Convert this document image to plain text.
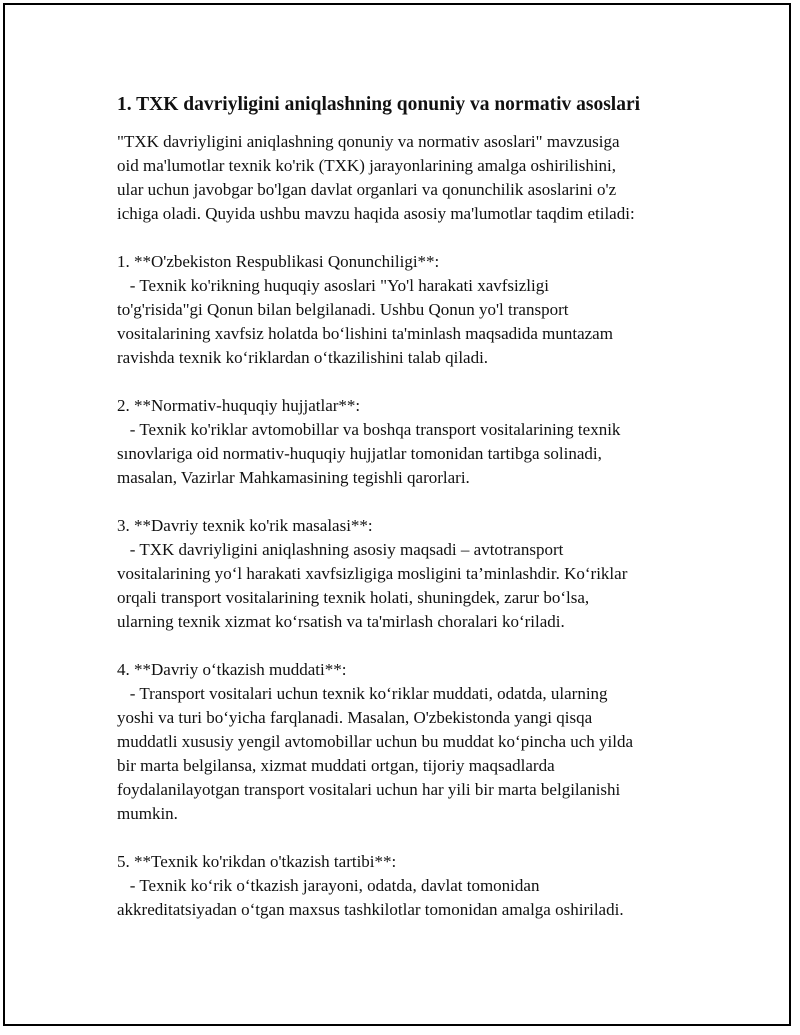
1. TXK davriyligini aniqlashning qonuniy va normativ asoslari
"TXK davriyligini aniqlashning qonuniy va normativ asoslari" mavzusiga
oid ma'lumotlar texnik ko'rik (TXK) jarayonlarining amalga oshirilishini,
ular uchun javobgar bo'lgan davlat organlari va qonunchilik asoslarini o'z
ichiga oladi. Quyida ushbu mavzu haqida asosiy ma'lumotlar taqdim etiladi:
1. **O'zbekiston Respublikasi Qonunchiligi**:
- Texnik ko'rikning huquqiy asoslari "Yo'l harakati xavfsizligi
to'g'risida"gi Qonun bilan belgilanadi. Ushbu Qonun yo'l transport
vositalarining xavfsiz holatda bo‘lishini ta'minlash maqsadida muntazam
ravishda texnik ko‘riklardan o‘tkazilishini talab qiladi.
2. **Normativ-huquqiy hujjatlar**:
- Texnik ko'riklar avtomobillar va boshqa transport vositalarining texnik
sınovlariga oid normativ-huquqiy hujjatlar tomonidan tartibga solinadi,
masalan, Vazirlar Mahkamasining tegishli qarorlari.
3. **Davriy texnik ko'rik masalasi**:
- TXK davriyligini aniqlashning asosiy maqsadi – avtotransport
vositalarining yo‘l harakati xavfsizligiga mosligini ta’minlashdir. Ko‘riklar
orqali transport vositalarining texnik holati, shuningdek, zarur bo‘lsa,
ularning texnik xizmat ko‘rsatish va ta'mirlash choralari ko‘riladi.
4. **Davriy o‘tkazish muddati**:
- Transport vositalari uchun texnik ko‘riklar muddati, odatda, ularning
yoshi va turi bo‘yicha farqlanadi. Masalan, O'zbekistonda yangi qisqa
muddatli xususiy yengil avtomobillar uchun bu muddat ko‘pincha uch yilda
bir marta belgilansa, xizmat muddati ortgan, tijoriy maqsadlarda
foydalanilayotgan transport vositalari uchun har yili bir marta belgilanishi
mumkin.
5. **Texnik ko'rikdan o'tkazish tartibi**:
- Texnik ko‘rik o‘tkazish jarayoni, odatda, davlat tomonidan
akkreditatsiyadan o‘tgan maxsus tashkilotlar tomonidan amalga oshiriladi.
